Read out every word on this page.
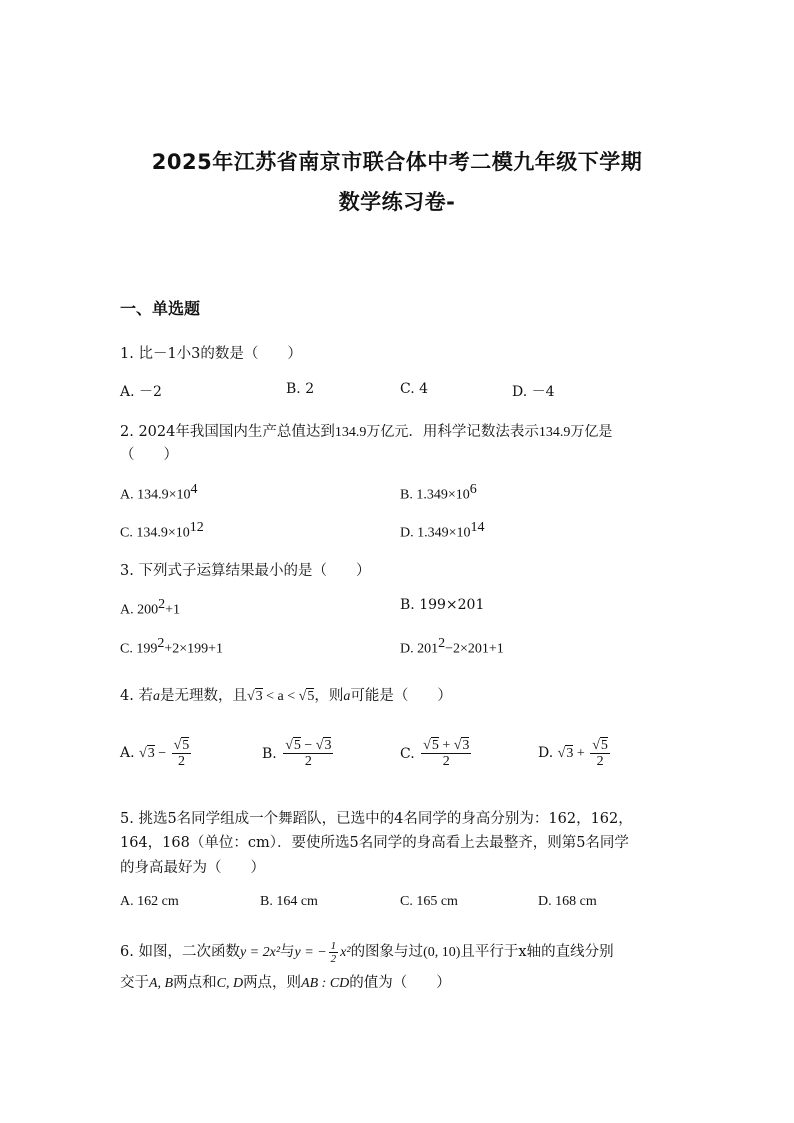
2025年江苏省南京市联合体中考二模九年级下学期
数学练习卷-
一、单选题
1. 比－1小3的数是（　　）
A. －2	B. 2	C. 4	D. －4
2. 2024年我国国内生产总值达到134.9万亿元．用科学记数法表示134.9万亿是
（　　）
A. $134.9\times 10^4$	B. $1.349\times 10^6$
C. $134.9\times 10^{12}$	D. $1.349\times 10^{14}$
3. 下列式子运算结果最小的是（　　）
A. $200^2+1$	B. 199×201
C. $199^2+2\times 199+1$	D. $201^2-2\times 201+1$
4. 若a是无理数，且√3 < a < √5，则a可能是（　　）
A. $√3 - \frac{√5}{2}$	B. $\frac{√5 - √3}{2}$	C. $\frac{√5 + √3}{2}$	D. $√3 + \frac{√5}{2}$
5. 挑选5名同学组成一个舞蹈队，已选中的4名同学的身高分别为：162，162，
164，168（单位：cm）．要使所选5名同学的身高看上去最整齐，则第5名同学
的身高最好为（　　）
A. 162 cm	B. 164 cm	C. 165 cm	D. 168 cm
6. 如图，二次函数y = 2x²与y = − $\frac{1}{2} x^2$的图象与过(0, 10)且平行于x轴的直线分别
交于A, B两点和C, D两点，则AB : CD的值为（　　）
